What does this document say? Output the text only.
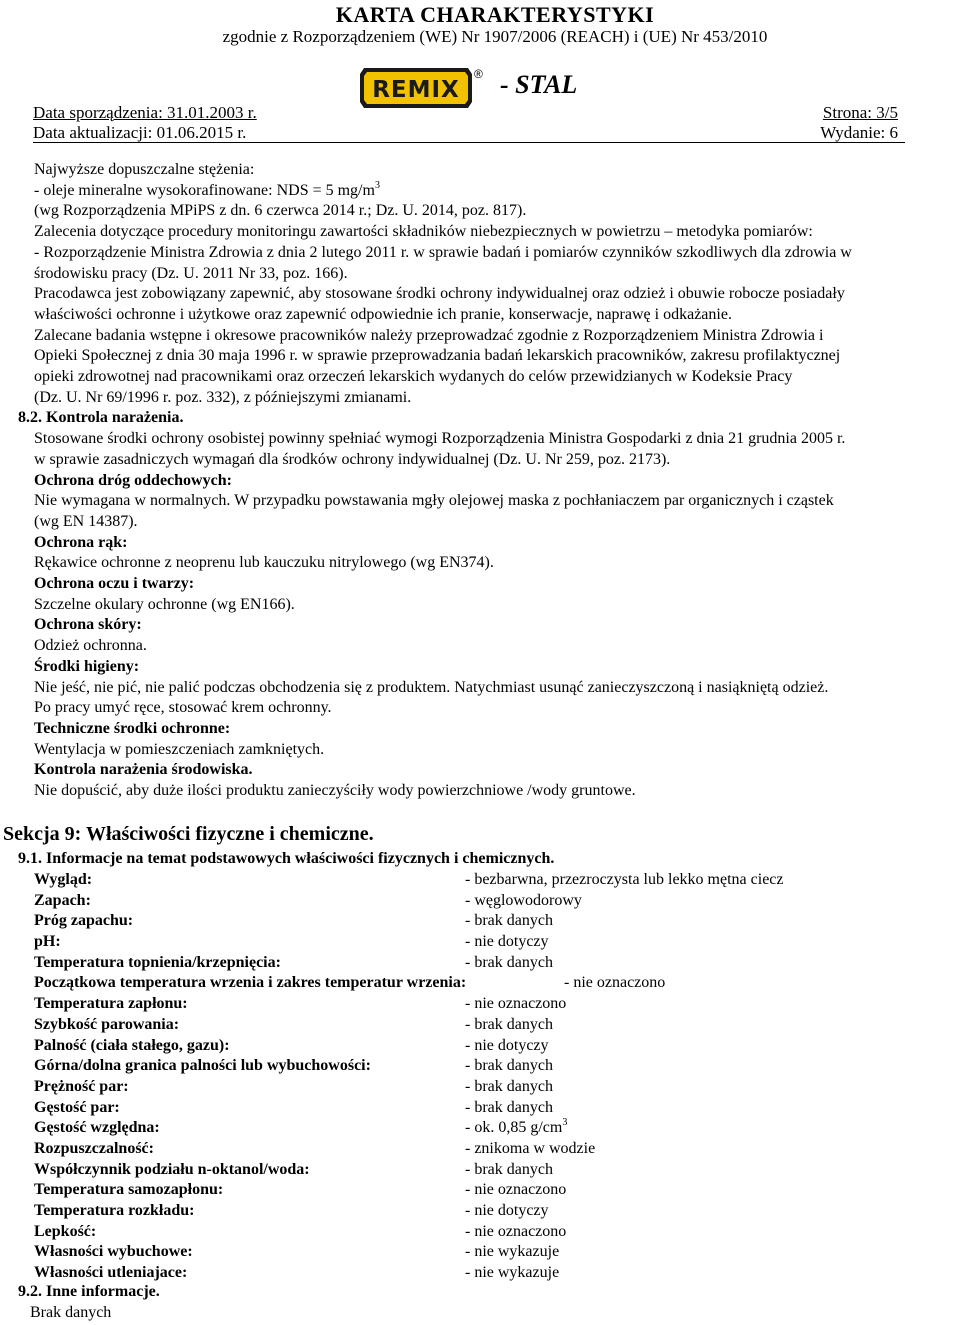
KARTA CHARAKTERYSTYKI
zgodnie z Rozporządzeniem (WE) Nr 1907/2006 (REACH) i (UE) Nr 453/2010
REMIX
® - STAL
Data sporządzenia: 31.01.2003 r.
Data aktualizacji: 01.06.2015 r.
Strona: 3/5
Wydanie: 6

Najwyższe dopuszczalne stężenia:

- oleje mineralne wysokorafinowane: NDS = 5 $mg/m^3$

(wg Rozporządzenia MPiPS z dn. 6 czerwca 2014 r.; Dz. U. 2014, poz. 817).

Zalecenia dotyczące procedury monitoringu zawartości składników niebezpiecznych w powietrzu – metodyka pomiarów:

- Rozporządzenie Ministra Zdrowia z dnia 2 lutego 2011 r. w sprawie badań i pomiarów czynników szkodliwych dla zdrowia w

środowisku pracy (Dz. U. 2011 Nr 33, poz. 166).

Pracodawca jest zobowiązany zapewnić, aby stosowane środki ochrony indywidualnej oraz odzież i obuwie robocze posiadały

właściwości ochronne i użytkowe oraz zapewnić odpowiednie ich pranie, konserwacje, naprawę i odkażanie.

Zalecane badania wstępne i okresowe pracowników należy przeprowadzać zgodnie z Rozporządzeniem Ministra Zdrowia i

Opieki Społecznej z dnia 30 maja 1996 r. w sprawie przeprowadzania badań lekarskich pracowników, zakresu profilaktycznej

opieki zdrowotnej nad pracownikami oraz orzeczeń lekarskich wydanych do celów przewidzianych w Kodeksie Pracy

(Dz. U. Nr 69/1996 r. poz. 332), z późniejszymi zmianami.

8.2. Kontrola narażenia.

Stosowane środki ochrony osobistej powinny spełniać wymogi Rozporządzenia Ministra Gospodarki z dnia 21 grudnia 2005 r.

w sprawie zasadniczych wymagań dla środków ochrony indywidualnej (Dz. U. Nr 259, poz. 2173).

Ochrona dróg oddechowych:

Nie wymagana w normalnych. W przypadku powstawania mgły olejowej maska z pochłaniaczem par organicznych i cząstek

(wg EN 14387).

Ochrona rąk:

Rękawice ochronne z neoprenu lub kauczuku nitrylowego (wg EN374).

Ochrona oczu i twarzy:

Szczelne okulary ochronne (wg EN166).

Ochrona skóry:

Odzież ochronna.

Środki higieny:

Nie jeść, nie pić, nie palić podczas obchodzenia się z produktem. Natychmiast usunąć zanieczyszczoną i nasiąkniętą odzież.

Po pracy umyć ręce, stosować krem ochronny.

Techniczne środki ochronne:

Wentylacja w pomieszczeniach zamkniętych.

Kontrola narażenia środowiska.

Nie dopuścić, aby duże ilości produktu zanieczyściły wody powierzchniowe /wody gruntowe.

Sekcja 9: Właściwości fizyczne i chemiczne.
9.1. Informacje na temat podstawowych właściwości fizycznych i chemicznych.
Wygląd:	- bezbarwna, przezroczysta lub lekko mętna ciecz
Zapach:	- węglowodorowy
Próg zapachu:	- brak danych
pH:	- nie dotyczy
Temperatura topnienia/krzepnięcia:	- brak danych
Początkowa temperatura wrzenia i zakres temperatur wrzenia:	- nie oznaczono
Temperatura zapłonu:	- nie oznaczono
Szybkość parowania:	- brak danych
Palność (ciała stałego, gazu):	- nie dotyczy
Górna/dolna granica palności lub wybuchowości:	- brak danych
Prężność par:	- brak danych
Gęstość par:	- brak danych
Gęstość względna:	- ok. 0,85 $g/cm^3$
Rozpuszczalność:	- znikoma w wodzie
Współczynnik podziału n-oktanol/woda:	- brak danych
Temperatura samozapłonu:	- nie oznaczono
Temperatura rozkładu:	- nie dotyczy
Lepkość:	- nie oznaczono
Własności wybuchowe:	- nie wykazuje
Własności utleniajace:	- nie wykazuje
9.2. Inne informacje.
Brak danych
